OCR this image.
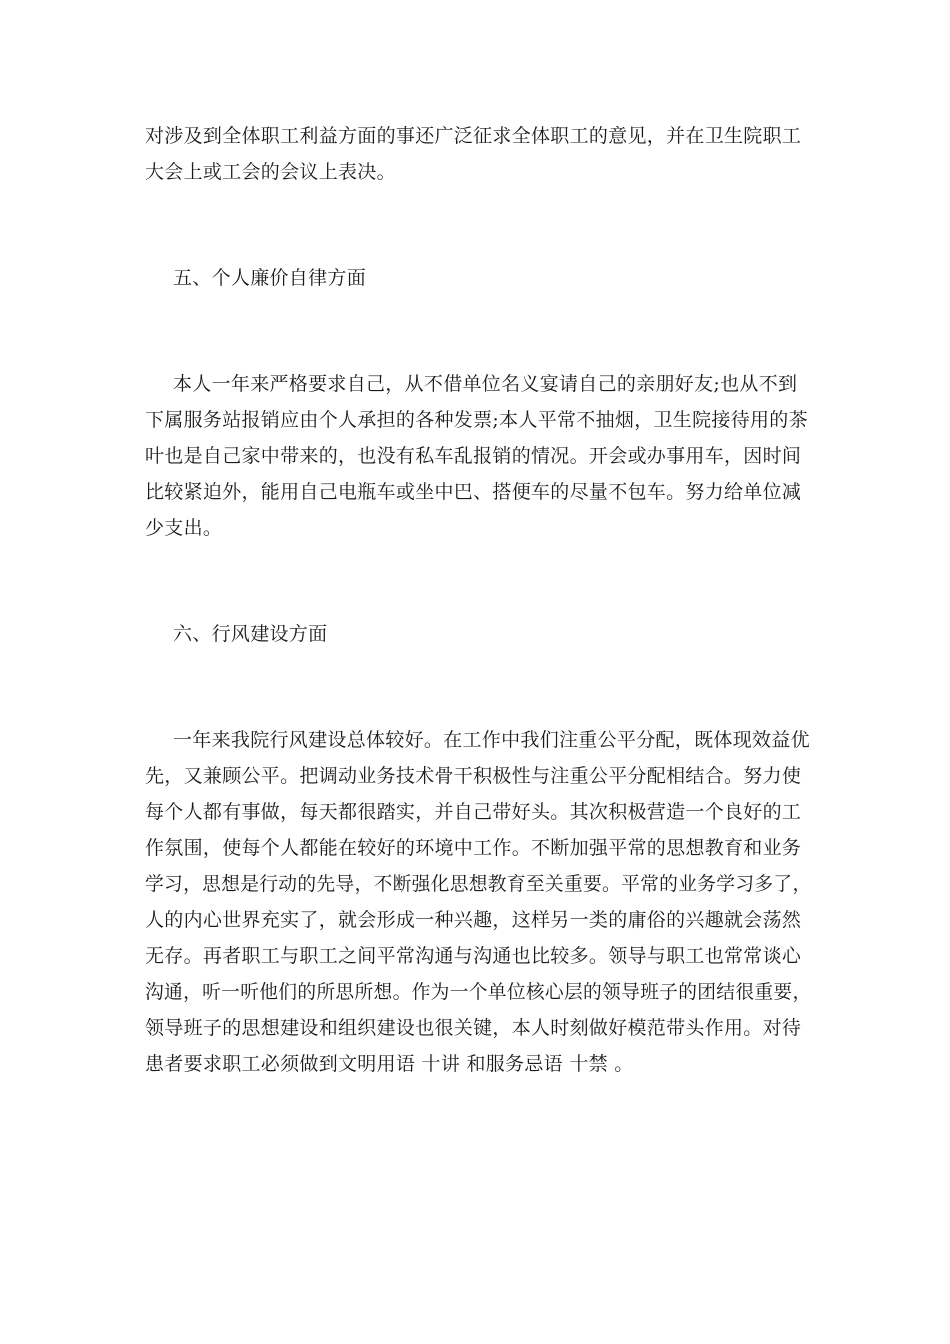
对涉及到全体职工利益方面的事还广泛征求全体职工的意见，并在卫生院职工
大会上或工会的会议上表决。
五、个人廉价自律方面
本人一年来严格要求自己，从不借单位名义宴请自己的亲朋好友;也从不到
下属服务站报销应由个人承担的各种发票;本人平常不抽烟，卫生院接待用的茶
叶也是自己家中带来的，也没有私车乱报销的情况。开会或办事用车，因时间
比较紧迫外，能用自己电瓶车或坐中巴、搭便车的尽量不包车。努力给单位减
少支出。
六、行风建设方面
一年来我院行风建设总体较好。在工作中我们注重公平分配，既体现效益优
先，又兼顾公平。把调动业务技术骨干积极性与注重公平分配相结合。努力使
每个人都有事做，每天都很踏实，并自己带好头。其次积极营造一个良好的工
作氛围，使每个人都能在较好的环境中工作。不断加强平常的思想教育和业务
学习，思想是行动的先导，不断强化思想教育至关重要。平常的业务学习多了，
人的内心世界充实了，就会形成一种兴趣，这样另一类的庸俗的兴趣就会荡然
无存。再者职工与职工之间平常沟通与沟通也比较多。领导与职工也常常谈心
沟通，听一听他们的所思所想。作为一个单位核心层的领导班子的团结很重要，
领导班子的思想建设和组织建设也很关键，本人时刻做好模范带头作用。对待
患者要求职工必须做到文明用语 十讲 和服务忌语 十禁 。
